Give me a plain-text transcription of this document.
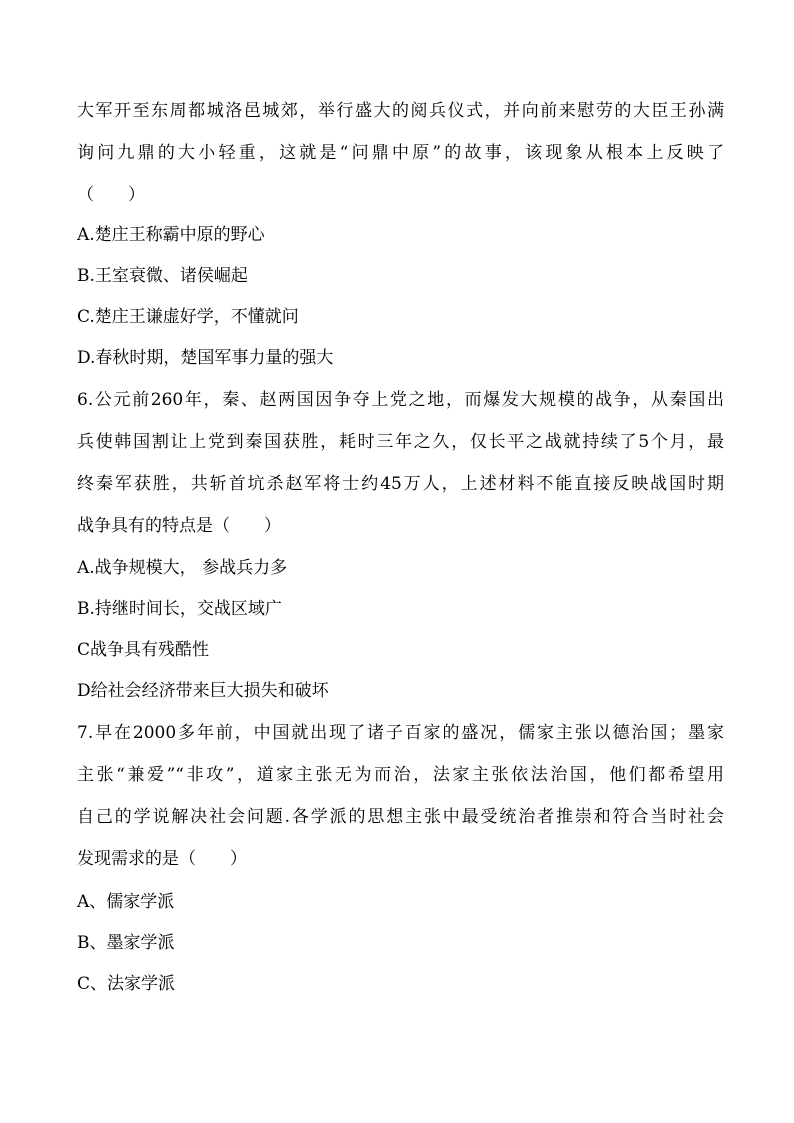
大军开至东周都城洛邑城郊，举行盛大的阅兵仪式，并向前来慰劳的大臣王孙满

询问九鼎的大小轻重，这就是“问鼎中原”的故事，该现象从根本上反映了

（　　）

A.楚庄王称霸中原的野心

B.王室衰微、诸侯崛起

C.楚庄王谦虚好学，不懂就问

D.春秋时期，楚国军事力量的强大

6.公元前260年，秦、赵两国因争夺上党之地，而爆发大规模的战争，从秦国出

兵使韩国割让上党到秦国获胜，耗时三年之久，仅长平之战就持续了5个月，最

终秦军获胜，共斩首坑杀赵军将士约45万人，上述材料不能直接反映战国时期

战争具有的特点是（　　）

A.战争规模大， 参战兵力多

B.持继时间长，交战区域广

C战争具有残酷性

D给社会经济带来巨大损失和破坏

7.早在2000多年前，中国就出现了诸子百家的盛况，儒家主张以德治国；墨家

主张“兼爱”“非攻”，道家主张无为而治，法家主张依法治国，他们都希望用

自己的学说解决社会问题.各学派的思想主张中最受统治者推崇和符合当时社会

发现需求的是（　　）

A、儒家学派

B、墨家学派

C、法家学派
